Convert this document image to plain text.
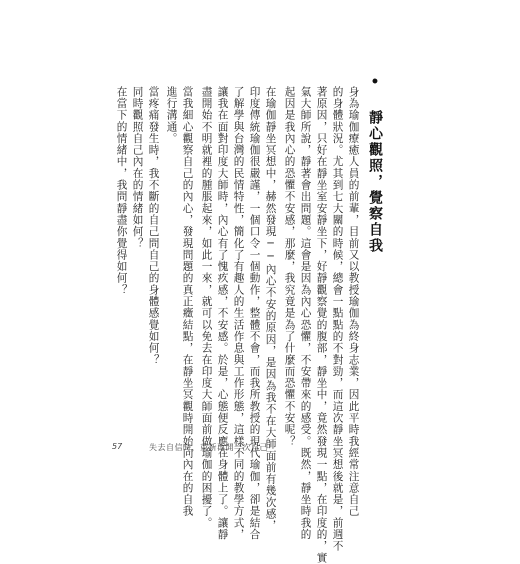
• 靜心觀照，覺察自我
身為瑜伽療癒人員的前輩，目前又以教授瑜伽為終身志業，因此平時我經常注意自己
的身體狀況。尤其到七大關的時候，總會一點點的不對勁，而這次靜坐冥想後就是，前週不
著原因，只好在靜坐室安靜坐下，好靜觀察覺的腹部，靜坐中，竟然發現一點，在印度的，實
氣大師所說，靜著會出問題。這會是因為內心恐懼，不安帶來的感受。既然，靜坐時我的
起因是我內心的恐懼不安感，那麼，我究竟是為了什麼而恐懼不安呢？
在瑜伽靜坐冥想中，赫然發現──內心不安的原因，是因為我不在大師面前有幾次感，
印度傳統瑜伽很嚴謹，一個口令一個動作，整體不會，而我所教授的現代瑜伽，卻是結合
了解學與台灣的民情特性，簡化了有趣人的生活作息與工作形態，這樣不同的教學方式，
讓我在面對印度大師時，內心有了愧疚感，不安感。於是，心態便反應在身體上了。讓靜
盡開始不明就裡的腫脹起來，如此一來，就可以免去在印度大師面前做瑜伽的困擾了。
當我細心觀察自己的內心，發現問題的真正癥結點，在靜坐冥觀時開始向內在的自我
進行溝通。
當疼痛發生時，我不斷的自己問自己的身體感覺如何？
同時觀照自己內在的情緒如何？
在當下的情緒中，我問靜盡你覺得如何？
57	失去自信時，重新再開一次自己
